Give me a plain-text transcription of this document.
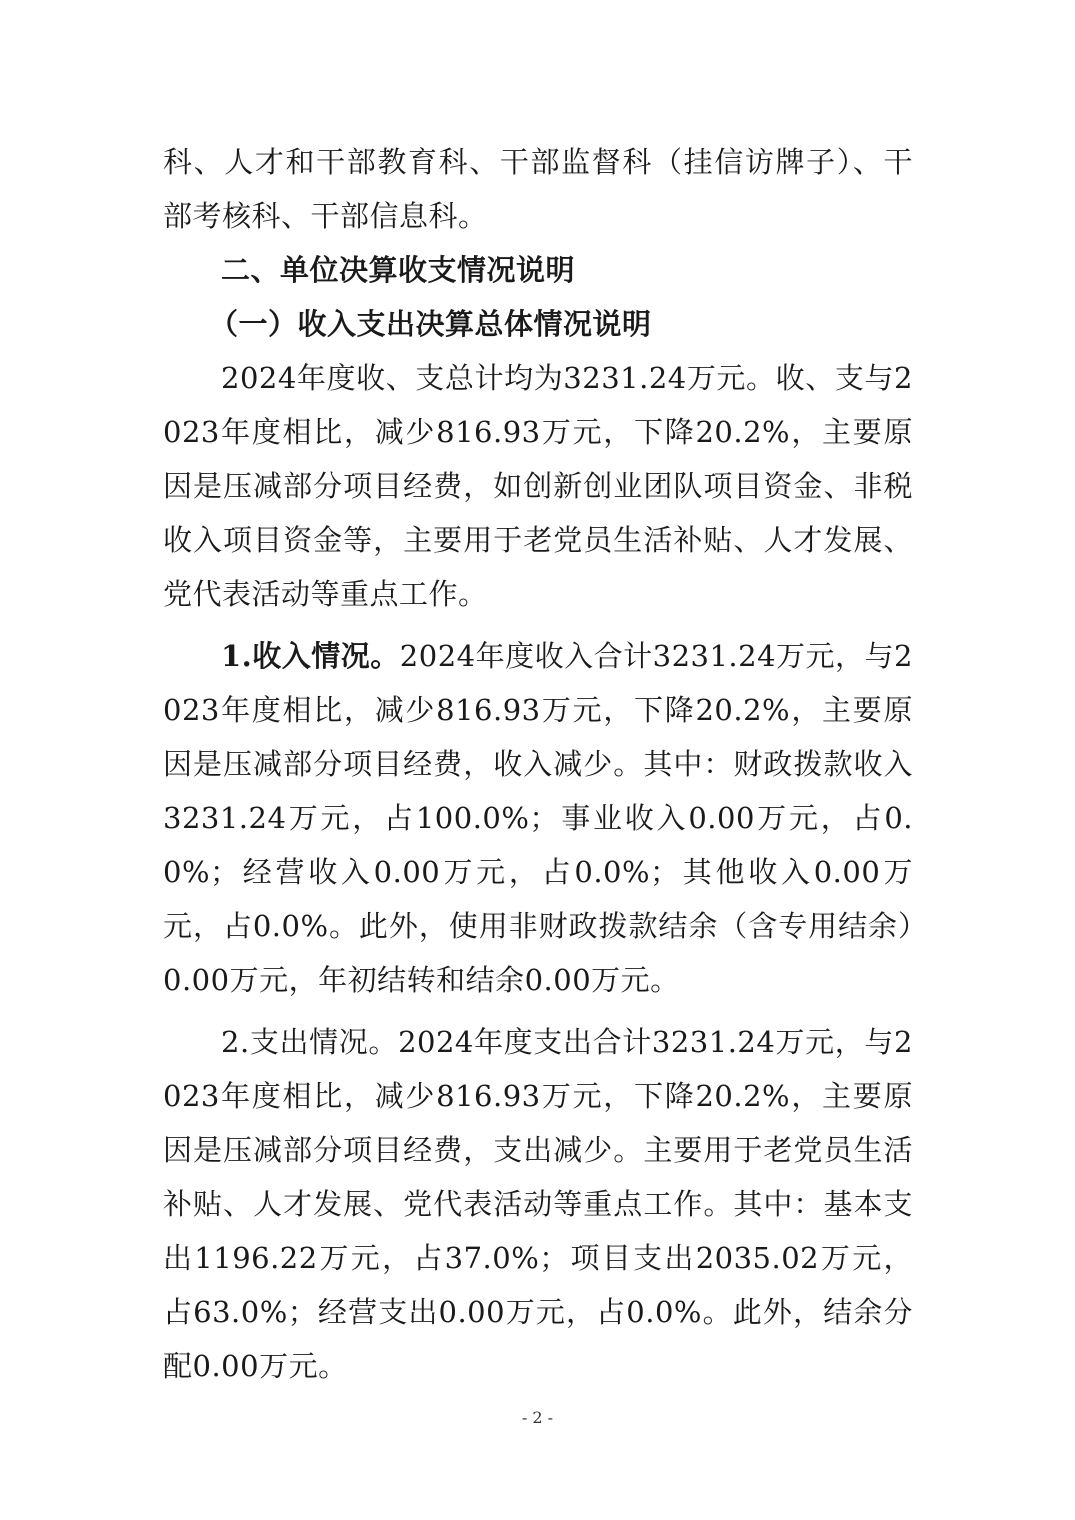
科、人才和干部教育科、干部监督科（挂信访牌子）、干部考核科、干部信息科。

二、单位决算收支情况说明

（一）收入支出决算总体情况说明

2024年度收、支总计均为3231.24万元。收、支与2023年度相比，减少816.93万元，下降20.2%，主要原因是压减部分项目经费，如创新创业团队项目资金、非税收入项目资金等，主要用于老党员生活补贴、人才发展、党代表活动等重点工作。

1.收入情况。2024年度收入合计3231.24万元，与2023年度相比，减少816.93万元，下降20.2%，主要原因是压减部分项目经费，收入减少。其中：财政拨款收入3231.24万元，占100.0%；事业收入0.00万元，占0.0%；经营收入0.00万元，占0.0%；其他收入0.00万元，占0.0%。此外，使用非财政拨款结余（含专用结余）0.00万元，年初结转和结余0.00万元。

2.支出情况。2024年度支出合计3231.24万元，与2023年度相比，减少816.93万元，下降20.2%，主要原因是压减部分项目经费，支出减少。主要用于老党员生活补贴、人才发展、党代表活动等重点工作。其中：基本支出1196.22万元，占37.0%；项目支出2035.02万元，占63.0%；经营支出0.00万元，占0.0%。此外，结余分配0.00万元。

- 2 -
